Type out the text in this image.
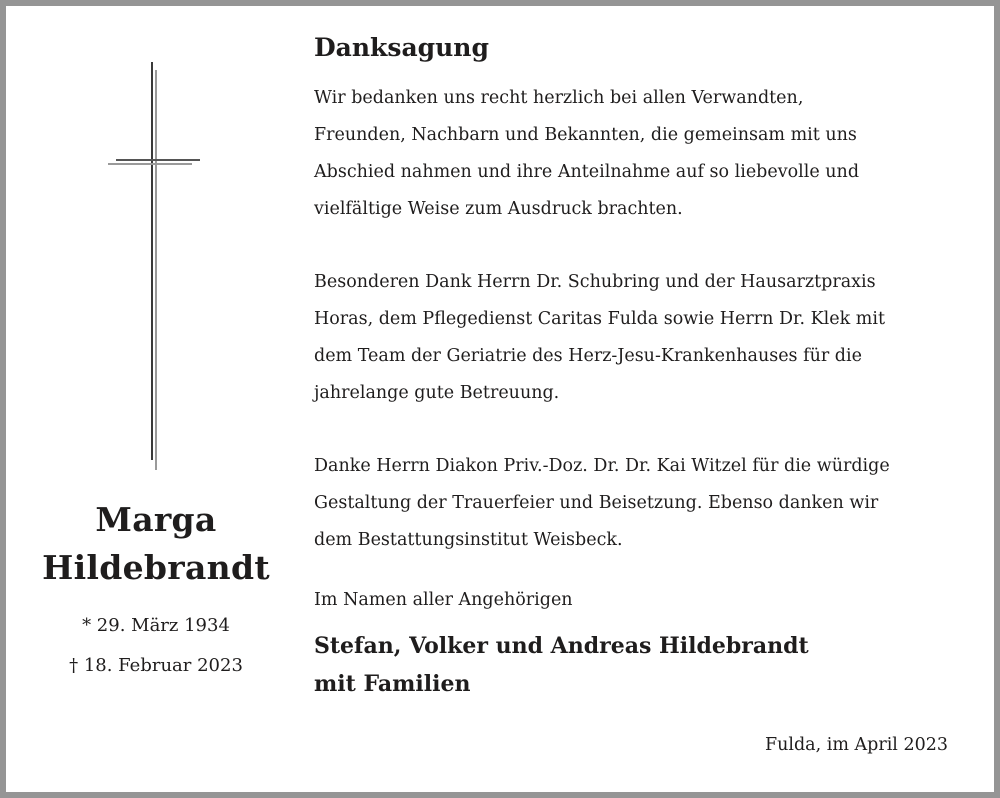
Marga
Hildebrandt
* 29. März 1934
† 18. Februar 2023
Danksagung

Wir bedanken uns recht herzlich bei allen Verwandten,
Freunden, Nachbarn und Bekannten, die gemeinsam mit uns
Abschied nahmen und ihre Anteilnahme auf so liebevolle und
vielfältige Weise zum Ausdruck brachten.

Besonderen Dank Herrn Dr. Schubring und der Hausarztpraxis
Horas, dem Pflegedienst Caritas Fulda sowie Herrn Dr. Klek mit
dem Team der Geriatrie des Herz-Jesu-Krankenhauses für die
jahrelange gute Betreuung.

Danke Herrn Diakon Priv.-Doz. Dr. Dr. Kai Witzel für die würdige
Gestaltung der Trauerfeier und Beisetzung. Ebenso danken wir
dem Bestattungsinstitut Weisbeck.

Im Namen aller Angehörigen
Stefan, Volker und Andreas Hildebrandt
mit Familien
Fulda, im April 2023
